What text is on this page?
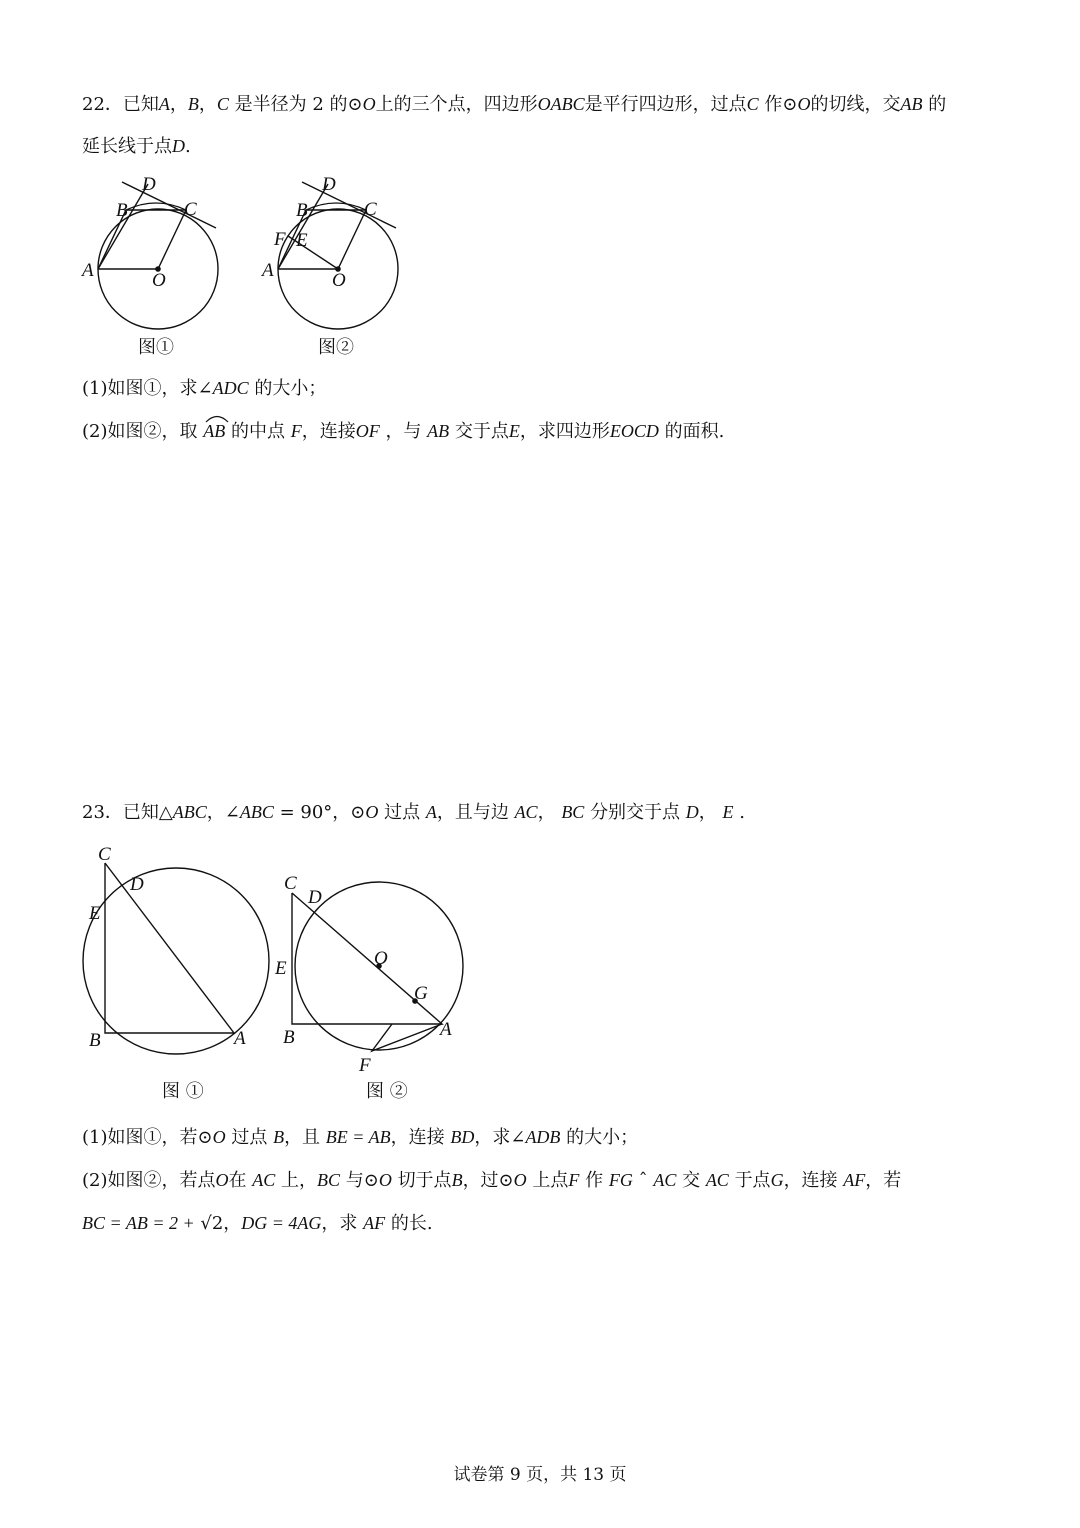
22．已知A，B，C 是半径为 2 的⊙O上的三个点，四边形OABC是平行四边形，过点C 作⊙O的切线，交AB 的
延长线于点D.
D
B	C
A	O
图①
D
B	C
F E
A	O
图②
(1)如图①，求∠ADC 的大小；
(2)如图②，取 AB 的中点 F，连接OF ，与 AB 交于点E，求四边形EOCD 的面积.
23．已知△ABC，∠ABC = 90°，⊙O 过点 A，且与边 AC， BC 分别交于点 D， E .
C
D
E
B	A
图 ①
C
D
O
G
E
B	A
F
图 ②
(1)如图①，若⊙O 过点 B，且 BE = AB，连接 BD，求∠ADB 的大小；
(2)如图②，若点O在 AC 上，BC 与⊙O 切于点B，过⊙O 上点F 作 FG ˆ AC 交 AC 于点G，连接 AF，若
BC = AB = 2 + √2，DG = 4AG，求 AF 的长.
试卷第 9 页，共 13 页
